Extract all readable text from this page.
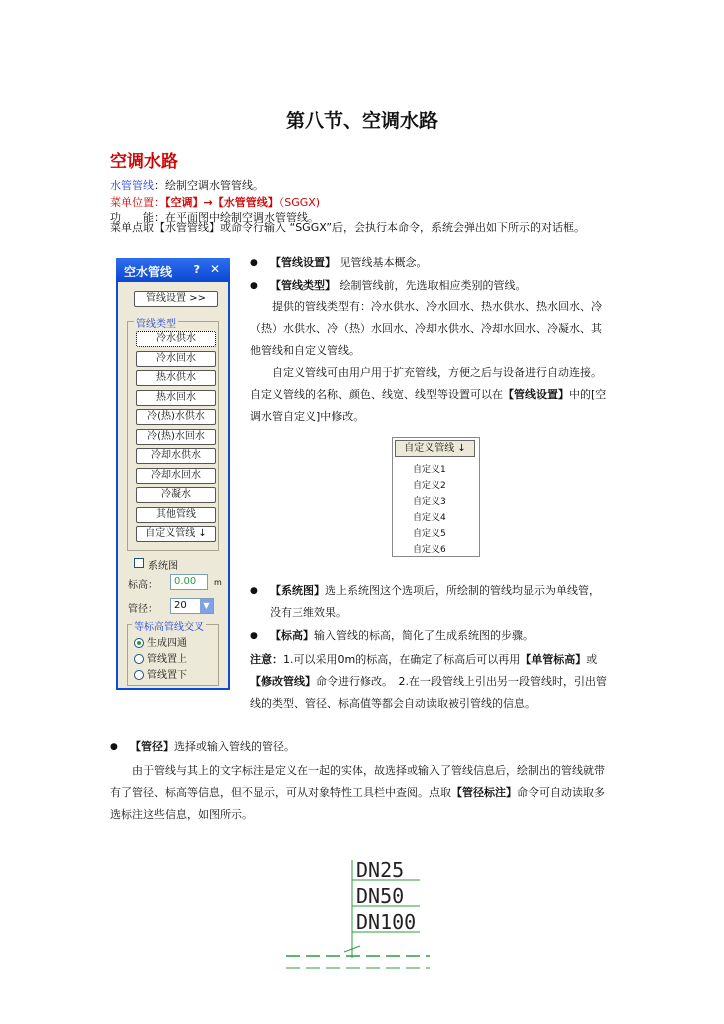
第八节、空调水路
空调水路
水管管线：绘制空调水管管线。
菜单位置：【空调】→【水管管线】（SGGX)
功　　能：在平面图中绘制空调水管管线。
菜单点取【水管管线】或命令行输入 “SGGX”后，会执行本命令，系统会弹出如下所示的对话框。
空水管线 ? ✕
管线设置 >>
管线类型
冷水供水
冷水回水
热水供水
热水回水
冷(热)水供水
冷(热)水回水
冷却水供水
冷却水回水
冷凝水
其他管线
自定义管线 ↓
系统图
标高：	0.00	m
管径：	20	▼
等标高管线交叉
生成四通
管线置上
管线置下
● 【管线设置】 见管线基本概念。
● 【管线类型】 绘制管线前，先选取相应类别的管线。
提供的管线类型有：冷水供水、冷水回水、热水供水、热水回水、冷（热）水供水、冷（热）水回水、冷却水供水、冷却水回水、冷凝水、其他管线和自定义管线。
自定义管线可由用户用于扩充管线，方便之后与设备进行自动连接。自定义管线的名称、颜色、线宽、线型等设置可以在【管线设置】中的[空调水管自定义]中修改。
自定义管线 ↓
自定义1
自定义2
自定义3
自定义4
自定义5
自定义6
● 【系统图】选上系统图这个选项后，所绘制的管线均显示为单线管，没有三维效果。
● 【标高】输入管线的标高，简化了生成系统图的步骤。
注意：1.可以采用0m的标高，在确定了标高后可以再用【单管标高】或【修改管线】命令进行修改。　2.在一段管线上引出另一段管线时，引出管线的类型、管径、标高值等都会自动读取被引管线的信息。
● 【管径】选择或输入管线的管径。
由于管线与其上的文字标注是定义在一起的实体，故选择或输入了管线信息后，绘制出的管线就带有了管径、标高等信息，但不显示，可从对象特性工具栏中查阅。点取【管径标注】命令可自动读取多选标注这些信息，如图所示。
DN25
DN50
DN100
